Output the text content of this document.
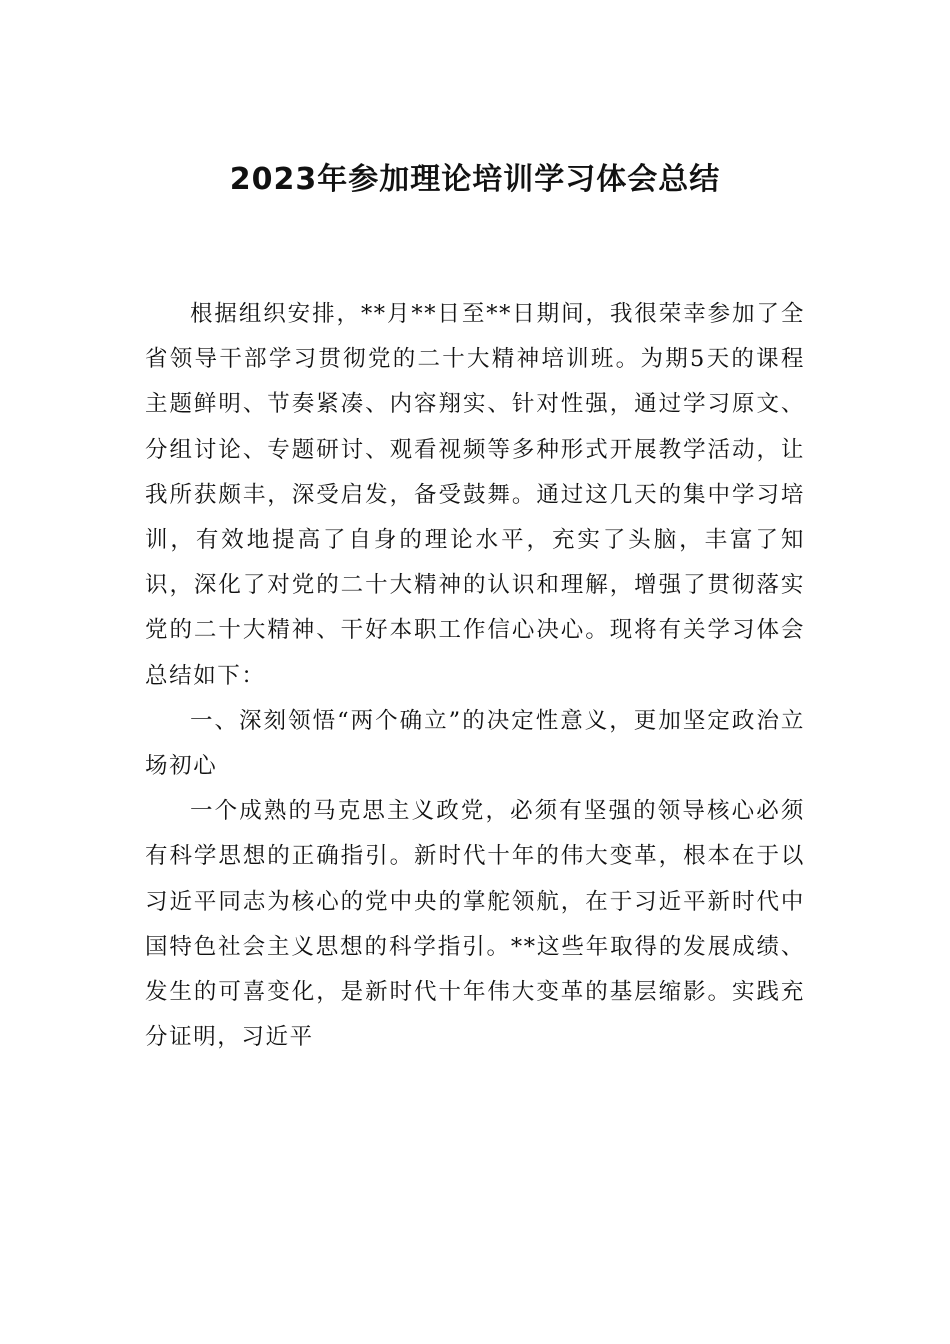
2023年参加理论培训学习体会总结

根据组织安排，**月**日至**日期间，我很荣幸参加了全省领导干部学习贯彻党的二十大精神培训班。为期5天的课程主题鲜明、节奏紧凑、内容翔实、针对性强，通过学习原文、分组讨论、专题研讨、观看视频等多种形式开展教学活动，让我所获颇丰，深受启发，备受鼓舞。通过这几天的集中学习培训，有效地提高了自身的理论水平，充实了头脑，丰富了知识，深化了对党的二十大精神的认识和理解，增强了贯彻落实党的二十大精神、干好本职工作信心决心。现将有关学习体会总结如下：

一、深刻领悟“两个确立”的决定性意义，更加坚定政治立场初心

一个成熟的马克思主义政党，必须有坚强的领导核心必须有科学思想的正确指引。新时代十年的伟大变革，根本在于以习近平同志为核心的党中央的掌舵领航，在于习近平新时代中国特色社会主义思想的科学指引。**这些年取得的发展成绩、发生的可喜变化，是新时代十年伟大变革的基层缩影。实践充分证明，习近平
